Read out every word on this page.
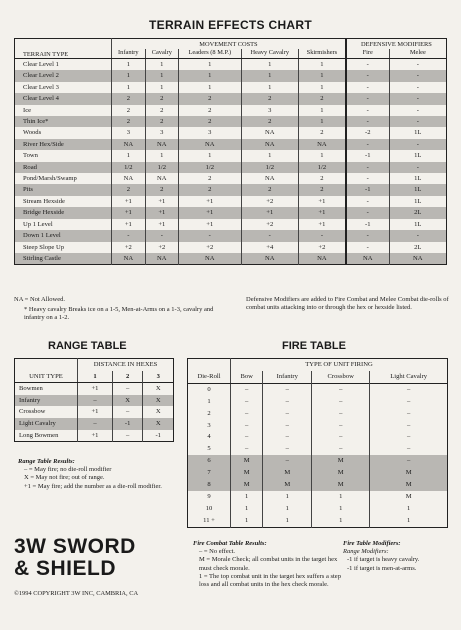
TERRAIN EFFECTS CHART
TERRAIN TYPE	MOVEMENT COSTS					DEFENSIVE MODIFIERS	
	Infantry	Cavalry	Leaders (8 M.P.)	Heavy Cavalry	Skirmishers	Fire	Melee
Clear Level 1	1	1	1	1	1	-	-
Clear Level 2	1	1	1	1	1	-	-
Clear Level 3	1	1	1	1	1	-	-
Clear Level 4	2	2	2	2	2	-	-
Ice	2	2	2	3	1	-	-
Thin Ice*	2	2	2	2	1	-	-
Woods	3	3	3	NA	2	-2	1L
River Hex/Side	NA	NA	NA	NA	NA	-	-
Town	1	1	1	1	1	-1	1L
Road	1/2	1/2	1/2	1/2	1/2	-	-
Pond/Marsh/Swamp	NA	NA	2	NA	2	-	1L
Pits	2	2	2	2	2	-1	1L
Stream Hexside	+1	+1	+1	+2	+1	-	1L
Bridge Hexside	+1	+1	+1	+1	+1	-	2L
Up 1 Level	+1	+1	+1	+2	+1	-1	1L
Down 1 Level	-	-	-	-	-	-	-
Steep Slope Up	+2	+2	+2	+4	+2	-	2L
Stirling Castle	NA	NA	NA	NA	NA	NA	NA
NA = Not Allowed.
* Heavy cavalry Breaks ice on a 1-5, Men-at-Arms on a 1-3, cavalry and infantry on a 1-2.
Defensive Modifiers are added to Fire Combat and Melee Combat die-rolls of combat units attacking into or through the hex or hexside listed.
RANGE TABLE	FIRE TABLE
UNIT TYPE	DISTANCE IN HEXES		
	1	2	3
Bowmen	+1	–	X
Infantry	–	X	X
Crossbow	+1	–	X
Light Cavalry	–	-1	X
Long Bowmen	+1	–	-1
Range Table Results:
– = May fire; no die-roll modifier
X = May not fire; out of range.
+1 = May fire; add the number as a die-roll modifier.
Die-Roll	TYPE OF UNIT FIRING			
	Bow	Infantry	Crossbow	Light Cavalry
0	–	–	–	–
1	–	–	–	–
2	–	–	–	–
3	–	–	–	–
4	–	–	–	–
5	–	–	–	–
6	M	–	M	–
7	M	M	M	M
8	M	M	M	M
9	1	1	1	M
10	1	1	1	1
11 +	1	1	1	1
Fire Combat Table Results:
– = No effect.
M = Morale Check; all combat units in the target hex must check morale.
1 = The top combat unit in the target hex suffers a step loss and all combat units in the hex check morale.
Fire Table Modifiers:
Range Modifiers:
-1 if target is heavy cavalry.
-1 if target is men-at-arms.
3W SWORD
& SHIELD
©1994 COPYRIGHT 3W INC, CAMBRIA, CA
